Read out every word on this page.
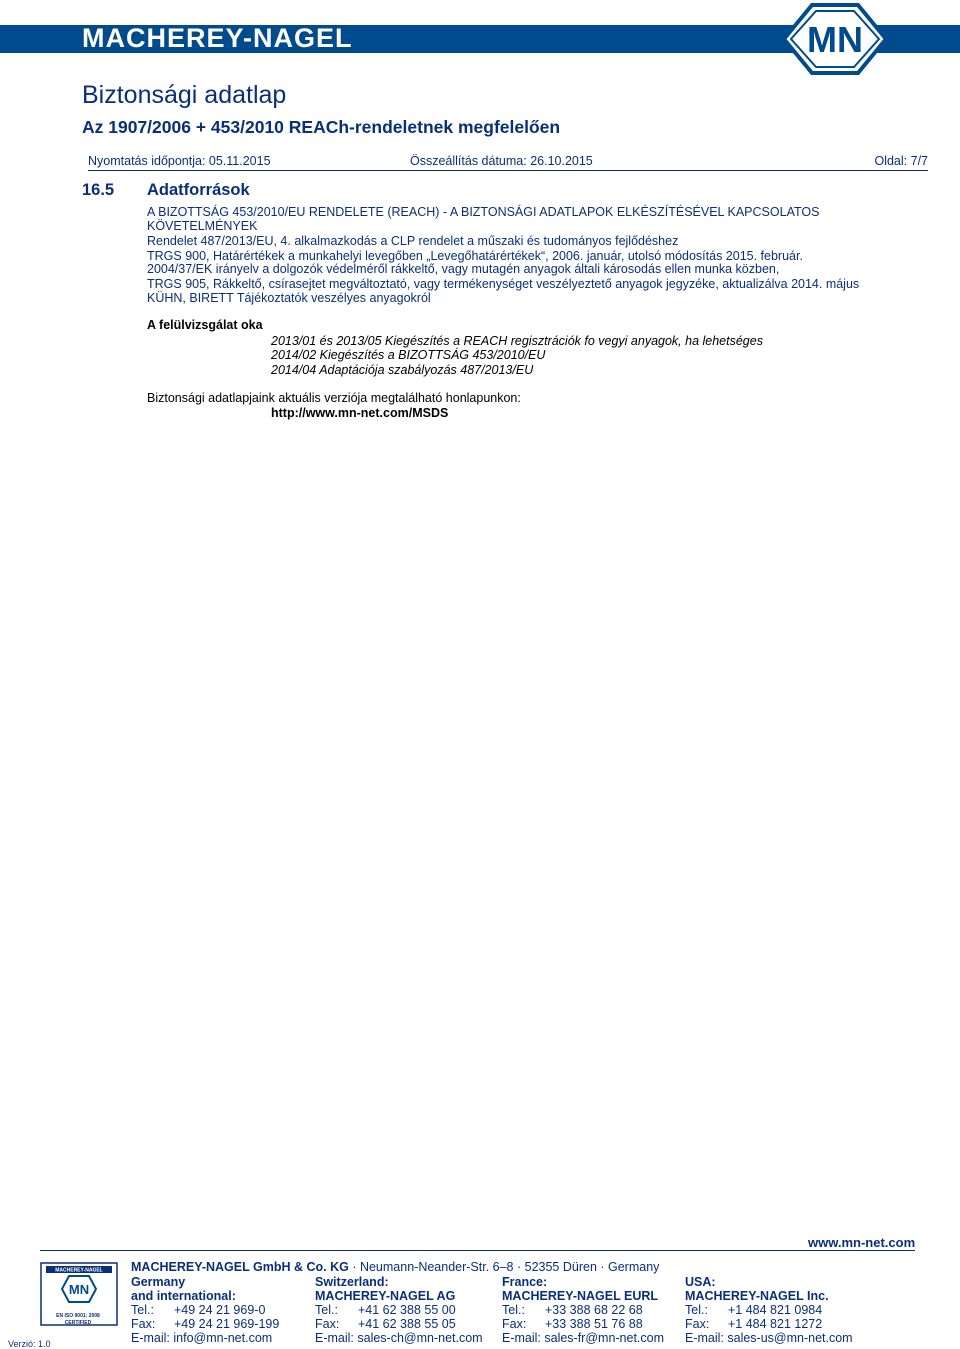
MACHEREY-NAGEL	MN
Biztonsági adatlap
Az 1907/2006 + 453/2010 REACh-rendeletnek megfelelően
Nyomtatás időpontja: 05.11.2015	Összeállítás dátuma: 26.10.2015	Oldal: 7/7
16.5 Adatforrások
A BIZOTTSÁG 453/2010/EU RENDELETE (REACH) - A BIZTONSÁGI ADATLAPOK ELKÉSZÍTÉSÉVEL KAPCSOLATOS
KÖVETELMÉNYEK
Rendelet 487/2013/EU, 4. alkalmazkodás a CLP rendelet a műszaki és tudományos fejlődéshez
TRGS 900, Határértékek a munkahelyi levegőben „Levegőhatárértékek“, 2006. január, utolsó módosítás 2015. február.
2004/37/EK irányelv a dolgozók védelméről rákkeltő, vagy mutagén anyagok általi károsodás ellen munka közben,
TRGS 905, Rákkeltő, csírasejtet megváltoztató, vagy termékenységet veszélyeztető anyagok jegyzéke, aktualizálva 2014. május
KÜHN, BIRETT Tájékoztatók veszélyes anyagokról
A felülvizsgálat oka
2013/01 és 2013/05 Kiegészítés a REACH regisztrációk fo vegyi anyagok, ha lehetséges
2014/02 Kiegészítés a BIZOTTSÁG 453/2010/EU
2014/04 Adaptációja szabályozás 487/2013/EU
Biztonsági adatlapjaink aktuális verziója megtalálható honlapunkon:
http://www.mn-net.com/MSDS
www.mn-net.com
MACHEREY-NAGEL
MN
EN ISO 9001: 2008
CERTIFIED
Verzió: 1.0
MACHEREY-NAGEL GmbH & Co. KG · Neumann-Neander-Str. 6–8 · 52355 Düren · Germany
Germany
and international:
Tel.: +49 24 21 969-0
Fax: +49 24 21 969-199
E-mail: info@mn-net.com
Switzerland:
MACHEREY-NAGEL AG
Tel.: +41 62 388 55 00
Fax: +41 62 388 55 05
E-mail: sales-ch@mn-net.com
France:
MACHEREY-NAGEL EURL
Tel.: +33 388 68 22 68
Fax: +33 388 51 76 88
E-mail: sales-fr@mn-net.com
USA:
MACHEREY-NAGEL Inc.
Tel.: +1 484 821 0984
Fax: +1 484 821 1272
E-mail: sales-us@mn-net.com
